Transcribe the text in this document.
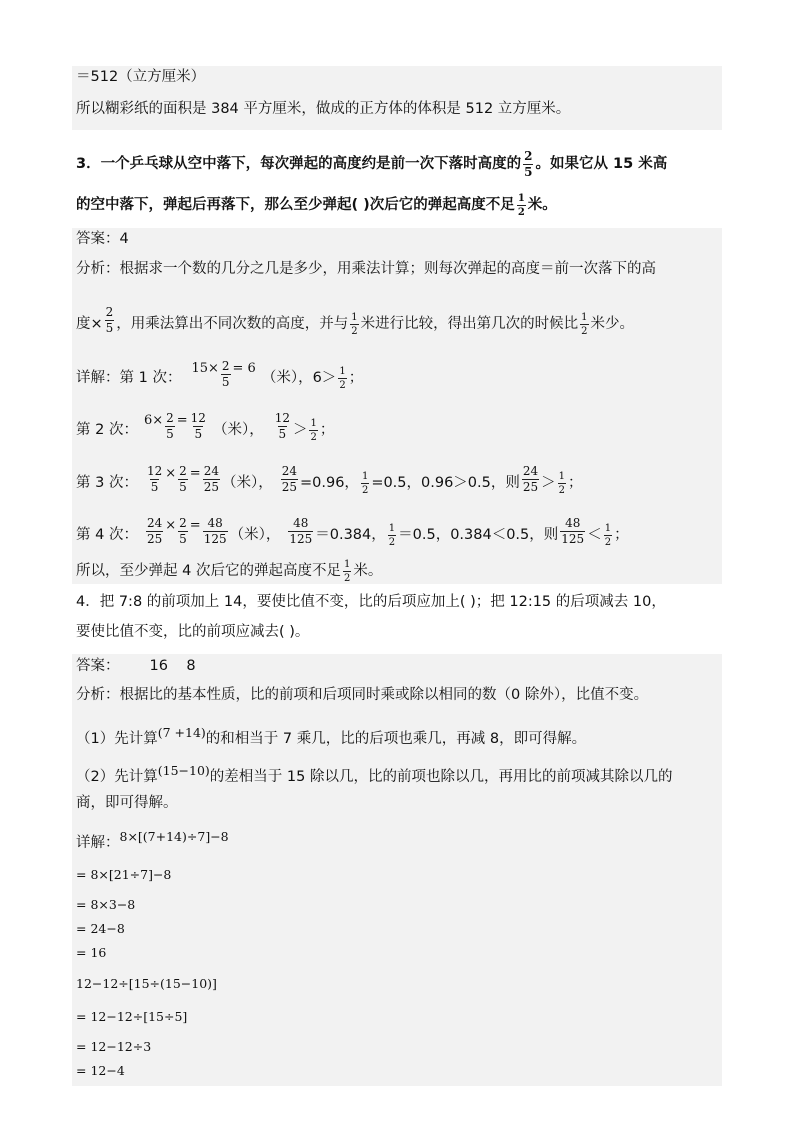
＝512（立方厘米）
所以糊彩纸的面积是 384 平方厘米，做成的正方体的体积是 512 立方厘米。
3．一个乒乓球从空中落下，每次弹起的高度约是前一次下落时高度的 $\frac{2}{5}$ 。如果它从 15 米高
的空中落下，弹起后再落下，那么至少弹起( )次后它的弹起高度不足 $\frac{1}{2}$ 米。
答案：4
分析：根据求一个数的几分之几是多少，用乘法计算；则每次弹起的高度＝前一次落下的高
度× $\frac{2}{5}$ ，用乘法算出不同次数的高度，并与 $\frac{1}{2}$ 米进行比较，得出第几次的时候比 $\frac{1}{2}$ 米少。
详解：第 1 次：$15\times \frac{2}{5} = 6$（米），$6> \frac{1}{2}$ ；
第 2 次：$6\times \frac{2}{5} = \frac{12}{5}$ （米）， $\frac{12}{5} > \frac{1}{2}$ ；
第 3 次： $\frac{12}{5} \times \frac{2}{5} = \frac{24}{25}$ （米）， $\frac{24}{25} =0.96$， $\frac{1}{2} =0.5$，0.96＞0.5，则 $\frac{24}{25} > \frac{1}{2}$ ；
第 4 次： $\frac{24}{25} \times \frac{2}{5} = \frac{48}{125}$ （米）， $\frac{48}{125} =0.384$， $\frac{1}{2} =0.5$，0.384＜0.5，则 $\frac{48}{125} < \frac{1}{2}$ ；
所以，至少弹起 4 次后它的弹起高度不足 $\frac{1}{2}$ 米。
4．把 7:8 的前项加上 14，要使比值不变，比的后项应加上( )；把 12:15 的后项减去 10，
要使比值不变，比的前项应减去( )。
答案： 16    8
分析：根据比的基本性质，比的前项和后项同时乘或除以相同的数（0 除外），比值不变。
（1）先计算(7 +14)的和相当于 7 乘几，比的后项也乘几，再减 8，即可得解。
（2）先计算(15−10)的差相当于 15 除以几，比的前项也除以几，再用比的前项减其除以几的
商，即可得解。
详解：8×[(7+14)÷7]−8
= 8×[21÷7]−8
= 8×3−8
= 24−8
= 16
12−12÷[15÷(15−10)]
= 12−12÷[15÷5]
= 12−12÷3
= 12−4
